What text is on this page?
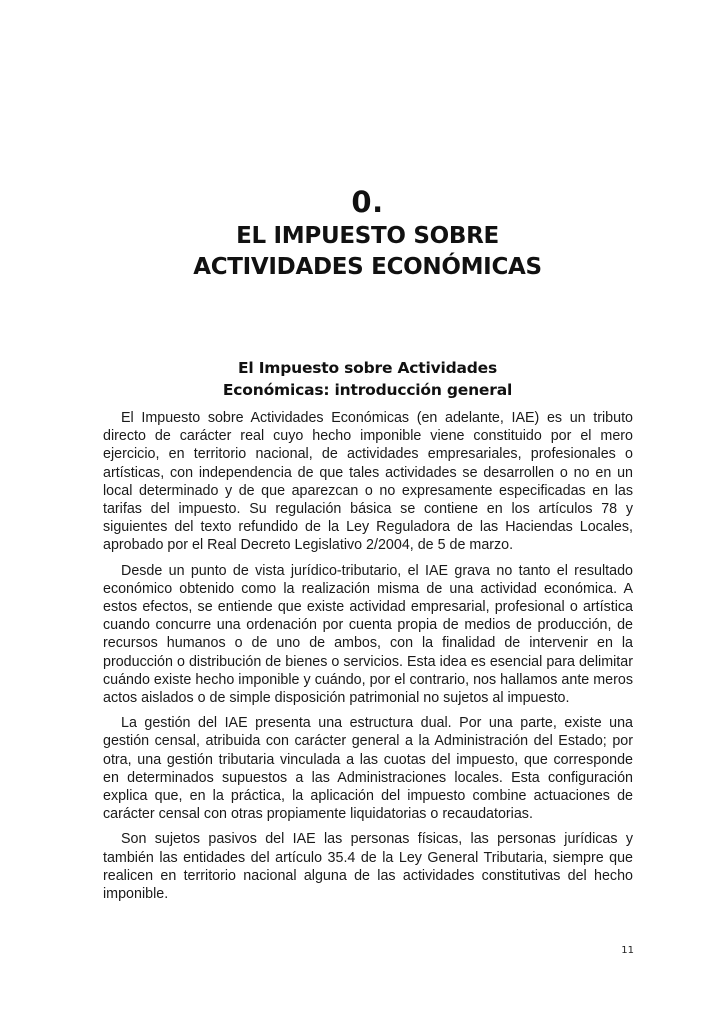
0.
EL IMPUESTO SOBRE
ACTIVIDADES ECONÓMICAS
El Impuesto sobre Actividades
Económicas: introducción general

El Impuesto sobre Actividades Económicas (en adelante, IAE) es un tributo directo de carácter real cuyo hecho imponible viene constituido por el mero ejercicio, en territorio nacional, de actividades empresariales, profesionales o artísticas, con independencia de que tales actividades se desarrollen o no en un local determinado y de que aparezcan o no expresamente especificadas en las tarifas del impuesto. Su regulación básica se contiene en los artículos 78 y siguientes del texto refundido de la Ley Reguladora de las Haciendas Locales, aprobado por el Real Decreto Legislativo 2/2004, de 5 de marzo.

Desde un punto de vista jurídico-tributario, el IAE grava no tanto el resultado económico obtenido como la realización misma de una actividad económica. A estos efectos, se entiende que existe actividad empresarial, profesional o artística cuando concurre una ordenación por cuenta propia de medios de producción, de recursos humanos o de uno de ambos, con la finalidad de intervenir en la producción o distribución de bienes o servicios. Esta idea es esencial para delimitar cuándo existe hecho imponible y cuándo, por el contrario, nos hallamos ante meros actos aislados o de simple disposición patrimonial no sujetos al impuesto.

La gestión del IAE presenta una estructura dual. Por una parte, existe una gestión censal, atribuida con carácter general a la Administración del Estado; por otra, una gestión tributaria vinculada a las cuotas del impuesto, que corresponde en determinados supuestos a las Administraciones locales. Esta configuración explica que, en la práctica, la aplicación del impuesto combine actuaciones de carácter censal con otras propiamente liquidatorias o recaudatorias.

Son sujetos pasivos del IAE las personas físicas, las personas jurídicas y también las entidades del artículo 35.4 de la Ley General Tributaria, siempre que realicen en territorio nacional alguna de las actividades constitutivas del hecho imponible.

11
